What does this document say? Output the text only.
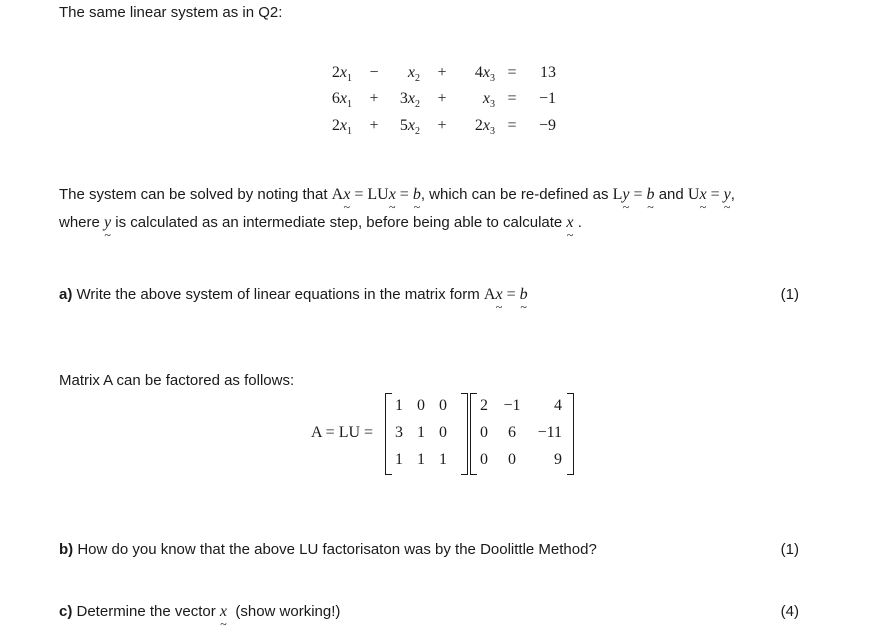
The same linear system as in Q2:
$2x_1$ −	$x_2$ +	$4x_3$ =	13
$6x_1$ +	$3x_2$ +	$x_3$ =	−1
$2x_1$ +	$5x_2$ +	$2x_3$ =	−9
The system can be solved by noting that Ax ~ = LUx ~ = b ~, which can be re-defined as Ly ~ = b ~ and Ux ~ = y ~,
where y ~ is calculated as an intermediate step, before being able to calculate x ~ .
a) Write the above system of linear equations in the matrix form Ax ~ = b ~	(1)
Matrix A can be factored as follows:
A = LU =
1 0 0
3 1 0
1 1 1
2 −1	4
0	6	−11
0	0	9
b) How do you know that the above LU factorisaton was by the Doolittle Method?	(1)
c) Determine the vector x ~  (show working!)	(4)
